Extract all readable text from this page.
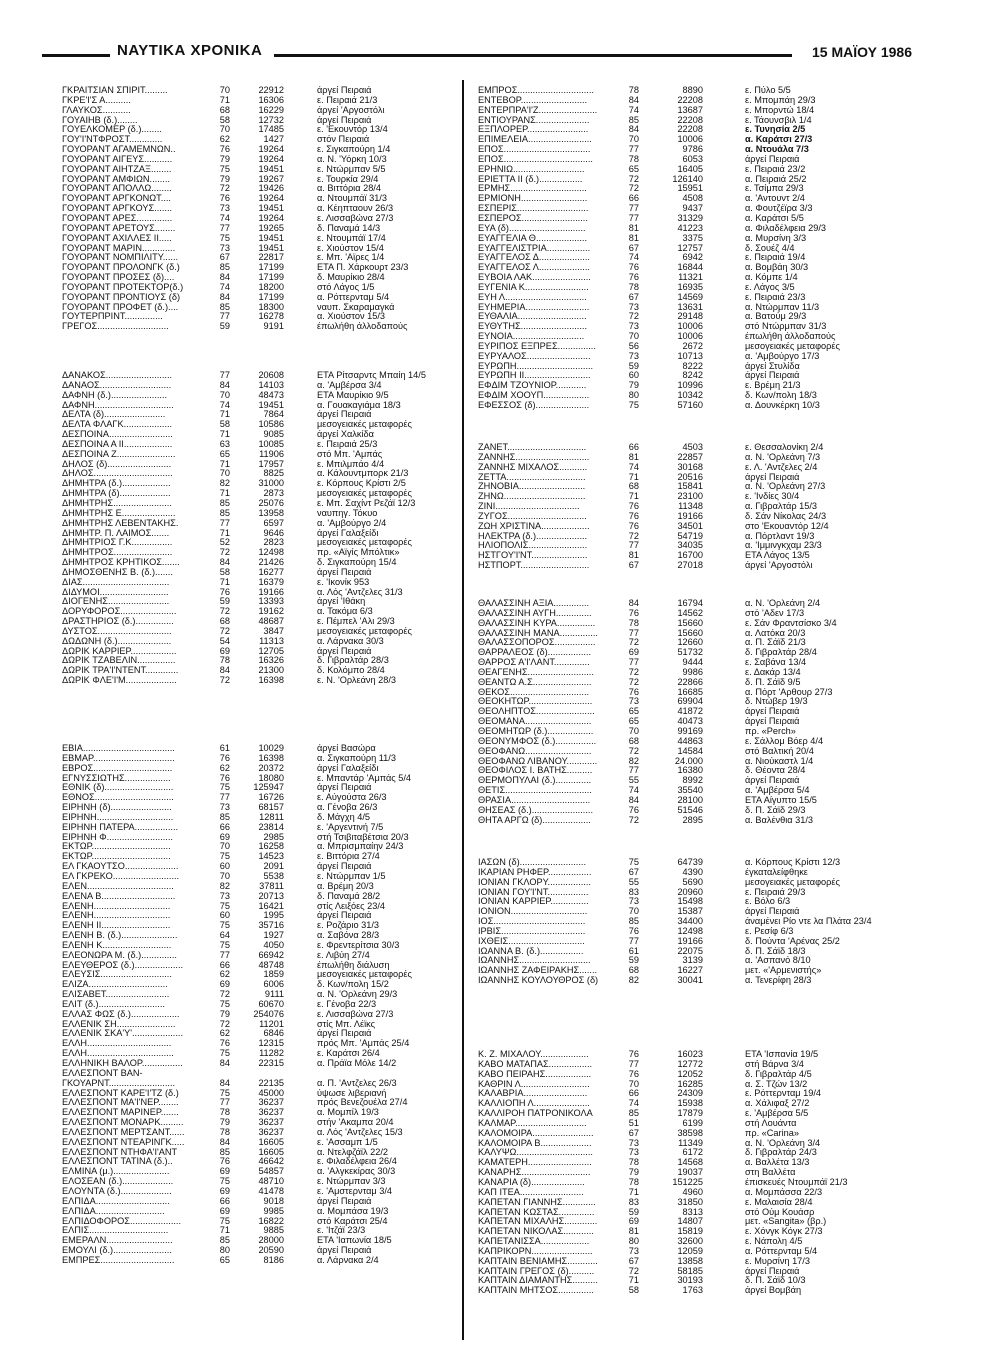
ΝΑΥΤΙΚΑ ΧΡΟΝΙΚΑ	15 ΜΑΪΟΥ 1986
ΓΚΡΑΙΤΣΙΑΝ ΣΠΙΡΙΤ.........	70	22912	άργεί Πειραιά
ΓΚΡΕ'Ι'Σ Α..........	71	16306	ε. Πειραιά 21/3
ΓΛΑΥΚΟΣ...........	68	16229	άργεί 'Αργοστόλι
ΓΟΥΑΙΗΒ (δ.)........	58	12732	άργεί Πειραιά
ΓΟΥΕΛΚΟΜΕΡ (δ.)........	70	17485	ε. 'Εκουντόρ 13/4
ΓΟΥ'Ι'ΝΤΦΡΟΣΤ.............	62	1427	στόν Πειραιά
ΓΟΥΟΡΑΝΤ ΑΓΑΜΕΜΝΩΝ..	76	19264	ε. Σιγκαπούρη 1/4
ΓΟΥΟΡΑΝΤ ΑΙΓΕΥΣ...........	79	19264	α. Ν. 'Υόρκη 10/3
ΓΟΥΟΡΑΝΤ ΑΙΗΤΖΑΞ........	75	19451	ε. Ντώρμπαν 5/5
ΓΟΥΟΡΑΝΤ ΑΜΦΙΩΝ........	79	19267	ε. Τουρκία 29/4
ΓΟΥΟΡΑΝΤ ΑΠΟΛΛΩ........	72	19426	α. Βιττόρια 28/4
ΓΟΥΟΡΑΝΤ ΑΡΓΚΟΝΩΤ....	76	19264	α. Ντουμπάϊ 31/3
ΓΟΥΟΡΑΝΤ ΑΡΓΚΟΥΣ.......	73	19451	α. Κέηπταουν 26/3
ΓΟΥΟΡΑΝΤ ΑΡΕΣ..............	74	19264	ε. Λισσαβώνα 27/3
ΓΟΥΟΡΑΝΤ ΑΡΕΤΟΥΣ........	77	19265	δ. Παναμά 14/3
ΓΟΥΟΡΑΝΤ ΑΧΙΛΛΕΣ ΙΙ.....	75	19451	ε. Ντουμπάϊ 17/4
ΓΟΥΟΡΑΝΤ ΜΑΡΙΝ.............	73	19451	ε. Χιούστον 15/4
ΓΟΥΟΡΑΝΤ ΝΟΜΠΙΛΙΤΥ......	67	22817	ε. Μπ. 'Αϊρες 1/4
ΓΟΥΟΡΑΝΤ ΠΡΟΛΟΝΓΚ (δ.)	85	17199	ΕΤΑ Π. Χάρκουρτ 23/3
ΓΟΥΟΡΑΝΤ ΠΡΟΣΕΣ (δ)....	84	17199	δ. Μαυρίκιο 28/4
ΓΟΥΟΡΑΝΤ ΠΡΟΤΕΚΤΟΡ(δ.)	74	18200	στό Λάγος 1/5
ΓΟΥΟΡΑΝΤ ΠΡΟΝΤΙΟΥΣ (δ)	84	17199	α. Ρόττερνταμ 5/4
ΓΟΥΟΡΑΝΤ ΠΡΟΦΕΤ (δ.)....	85	18300	ναυπ. Σκαραμαγκά
ΓΟΥΤΕΡΠΡΙΝΤ...............	77	16278	α. Χιούστον 15/3
ΓΡΕΓΟΣ............................	59	9191	έπωλήθη άλλοδαπούς
ΔΑΝΑΚΟΣ..........................	77	20608	ΕΤΑ Ρίτσαρντς Μπαίη 14/5
ΔΑΝΑΟΣ............................	84	14103	α. 'Αμβέρσα 3/4
ΔΑΦΝΗ (δ.)......................	70	48473	ΕΤΑ Μαυρίκιο 9/5
ΔΑΦΝΗ...............................	74	19451	α. Γουακαγιάμα 18/3
ΔΕΛΤΑ (δ)........................	71	7864	άργεί Πειραιά
ΔΕΛΤΑ ΦΛΑΓΚ...................	58	10586	μεσογειακές μεταφορές
ΔΕΣΠΟΙΝΑ.........................	71	9085	άργεί Χαλκίδα
ΔΕΣΠΟΙΝΑ Α ΙΙ...................	63	10085	ε. Πειραιά 25/3
ΔΕΣΠΟΙΝΑ Ζ.......................	65	11906	στό Μπ. 'Αμπάς
ΔΗΛΟΣ (δ).........................	71	17957	ε. Μπιλμπάο 4/4
ΔΗΛΟΣ...............................	70	8825	α. Κάλουντμπορκ 21/3
ΔΗΜΗΤΡΑ (δ.)...................	82	31000	ε. Κόρπους Κρίστι 2/5
ΔΗΜΗΤΡΑ (δ)....................	71	2873	μεσογειακές μεταφορές
ΔΗΜΗΤΡΗΣ.......................	85	25076	ε. Μπ. Σαχίντ Ρεζάϊ 12/3
ΔΗΜΗΤΡΗΣ Ε.....................	85	13958	ναυπηγ. Τόκυο
ΔΗΜΗΤΡΗΣ ΛΕΒΕΝΤΑΚΗΣ.	77	6597	α. 'Αμβούργο 2/4
ΔΗΜΗΤΡ. Π. ΛΑΙΜΟΣ.......	71	9646	άργεί Γαλαξείδι
ΔΗΜΗΤΡΙΟΣ Γ.Κ................	52	2823	μεσογειακές μεταφορές
ΔΗΜΗΤΡΟΣ.......................	72	12498	πρ. «Αϊγίς Μπόλτικ»
ΔΗΜΗΤΡΟΣ ΚΡΗΤΙΚΟΣ.......	84	21426	δ. Σιγκαπούρη 15/4
ΔΗΜΟΣΘΕΝΗΣ Β. (δ.).......	58	16277	άργεί Πειραιά
ΔΙΑΣ..................................	71	16379	ε. 'Ικονίκ 953
ΔΙΔΥΜΟΙ...........................	76	19166	α. Λός 'Αντζελες 31/3
ΔΙΟΓΕΝΗΣ........................	59	13393	άργεί 'Ιθάκη
ΔΟΡΥΦΟΡΟΣ......................	72	19162	α. Τακόμα 6/3
ΔΡΑΣΤΗΡΙΟΣ (δ.)...............	68	48687	ε. Πέμπελ 'Αλι 29/3
ΔΥΣΤΟΣ.............................	72	3847	μεσογειακές μεταφορές
ΔΩΔΩΝΗ (δ.).....................	54	11313	α. Λάρνακα 30/3
ΔΩΡΙΚ ΚΑΡΡΙΕΡ..................	69	12705	άργεί Πειραιά
ΔΩΡΙΚ ΤΖΑΒΕΛΙΝ...............	78	16326	δ. Γιβραλτάρ 28/3
ΔΩΡΙΚ ΤΡΑ'Ι'ΝΤΕΝΤ.............	84	21300	δ. Κολόμπο 28/4
ΔΩΡΙΚ ΦΛΕ'Ι'Μ....................	72	16398	ε. Ν. 'Ορλεάνη 28/3
ΕΒΙΑ....................................	61	10029	άργεί Βασώρα
ΕΒΜΑΡ................................	76	16398	α. Σιγκαπούρη 11/3
ΕΒΡΟΣ...............................	62	20372	άργεί Γαλαξείδι
ΕΓΝΥΣΣΙΩΤΗΣ..................	76	18080	ε. Μπαντάρ 'Αμπάς 5/4
ΕΘΝΙΚ (δ)...........................	75	125947	άργεί Πειραιά
ΕΘΝΟΣ...............................	77	16726	ε. Αύγούστα 26/3
ΕΙΡΗΝΗ (δ)........................	73	68157	α. Γένοβα 26/3
ΕΙΡΗΝΗ..............................	85	12811	δ. Μάγχη 4/5
ΕΙΡΗΝΗ ΠΑΤΕΡΑ.................	66	23814	ε. 'Αργεντινή 7/5
ΕΙΡΗΝΗ Φ..........................	69	2985	στή Τσιβιταβέτσια 20/3
ΕΚΤΩΡ...............................	70	16258	α. Μπρισμπαίην 24/3
ΕΚΤΩΡ...............................	75	14523	ε. Βιττόρια 27/4
ΕΛ ΓΚΑΟΥΤΣΟ.....................	60	2091	άργεί Πειραιά
ΕΛ ΓΚΡΕΚΟ..........................	70	5538	ε. Ντώρμπαν 1/5
ΕΛΕΝ..................................	82	37811	α. Βρέμη 20/3
ΕΛΕΝΑ Β.............................	73	20713	δ. Παναμά 28/2
ΕΛΕΝΗ..............................	75	16421	στίς Λειξόες 23/4
ΕΛΕΝΗ..............................	60	1995	άργεί Πειραιά
ΕΛΕΝΗ ΙΙ...........................	75	35716	ε. Ροζάριο 31/3
ΕΛΕΝΗ Β. (δ.)......................	64	1927	α. Σαβόνα 28/3
ΕΛΕΝΗ Κ...........................	75	4050	ε. Φρεντερίτσια 30/3
ΕΛΕΟΝΩΡΑ Μ. (δ.)..............	77	66942	ε. Λιβύη 27/4
ΕΛΕΥΘΕΡΟΣ (δ.)...................	66	48748	έπωλήθη διάλυση
ΕΛΕΥΣΙΣ............................	62	1859	μεσογειακές μεταφορές
ΕΛΙΖΑ...............................	69	6006	δ. Κων/πολη 15/2
ΕΛΙΣΑΒΕΤ.........................	72	9111	α. Ν. 'Ορλεάνη 29/3
ΕΛΙΤ (δ.)..........................	75	60670	ε. Γένοβα 22/3
ΕΛΛΑΣ ΦΩΣ (δ.)...................	79	254076	ε. Λισσαβώνα 27/3
ΕΛΛΕΝΙΚ ΣΗ.......................	72	11201	στίς Μπ. Λέϊκς
ΕΛΛΕΝΙΚ ΣΚΑ'Υ'....................	62	6846	άργεί Πειραιά
ΕΛΛΗ.................................	76	12315	πρός Μπ. 'Αμπάς 25/4
ΕΛΛΗ..................................	75	11282	ε. Καράτσι 26/4
ΕΛΛΗΝΙΚΗ ΒΑΛΟΡ................	84	22315	α. Πράϊα Μόλε 14/2
ΕΛΛΕΣΠΟΝΤ ΒΑΝ-
ΓΚΟΥΑΡΝΤ..........................	84	22135	α. Π. 'Αντζελες 26/3
ΕΛΛΕΣΠΟΝΤ ΚΑΡΕ'Ι'ΤΖ (δ.)	75	45000	ύψωσε λιβεριανή
ΕΛΛΕΣΠΟΝΤ ΜΑ'Ι'ΝΕΡ........	77	36237	πρός Βενεζουέλα 27/4
ΕΛΛΕΣΠΟΝΤ ΜΑΡΙΝΕΡ.......	78	36237	α. Μομπίλ 19/3
ΕΛΛΕΣΠΟΝΤ ΜΟΝΑΡΚ.........	79	36237	στήν 'Ακαμπα 20/4
ΕΛΛΕΣΠΟΝΤ ΜΕΡΤΣΑΝΤ......	78	36237	α. Λός 'Αντζελες 15/3
ΕΛΛΕΣΠΟΝΤ ΝΤΕΑΡΙΝΓΚ.....	84	16605	ε. 'Ασσαμπ 1/5
ΕΛΛΕΣΠΟΝΤ ΝΤΗΦΑ'Ι'ΑΝΤ	85	16605	α. Ντελφζάϊλ 22/2
ΕΛΛΕΣΠΟΝΤ ΤΑΤΙΝΑ (δ.)..	76	46642	ε. Φιλαδέλφεια 26/4
ΕΛΜΙΝΑ (μ.)......................	69	54857	α. 'Αλγκεκίρας 30/3
ΕΛΟΣΕΑΝ (δ.)....................	75	48710	ε. Ντώρμπαν 3/3
ΕΛΟΥΝΤΑ (δ.)....................	69	41478	ε. 'Αμστερνταμ 3/4
ΕΛΠΙΔΑ.............................	66	9018	άργεί Πειραιά
ΕΛΠΙΔΑ...........................	69	9985	α. Μομπάσα 19/3
ΕΛΠΙΔΟΦΟΡΟΣ....................	75	16822	στό Καράτσι 25/4
ΕΛΠΙΣ...............................	71	9885	ε. 'Ιτζάϊ 23/3
ΕΜΕΡΑΛΝ..........................	85	28000	ΕΤΑ 'Ιαπωνία 18/5
ΕΜΟΥΛΙ (δ.).......................	80	20590	άργεί Πειραιά
ΕΜΠΡΕΣ.............................	65	8186	α. Λάρνακα 2/4
ΕΜΠΡΟΣ..............................	78	8890	ε. Πύλο 5/5
ΕΝΤΕΒΟΡ..........................	84	22208	ε. Μπομπάη 29/3
ΕΝΤΕΡΠΡΑ'Ι'Ζ.......................	74	13687	ε. Μπορντώ 18/4
ΕΝΤΙΟΥΡΑΝΣ.....................	85	22208	ε. Τάουνσβιλ 1/4
ΕΞΠΛΟΡΕΡ........................	84	22208	ε. Τυνησία 2/5
ΕΠΙΜΕΛΕΙΑ.........................	70	10006	α. Καράτσι 27/3
ΕΠΟΣ..................................	77	9786	α. Ντουάλα 7/3
ΕΠΟΣ...................................	78	6053	άργεί Πειραιά
ΕΡΗΝΙΩ............................	65	16405	ε. Πειραιά 23/2
ΕΡΙΕΤΤΑ ΙΙ (δ.).................	72	126140	α. Πειραιά 25/2
ΕΡΜΗΣ..............................	72	15951	ε. Τσίμπα 29/3
ΕΡΜΙΟΝΗ..........................	66	4508	α. 'Αντουντ 2/4
ΕΣΠΕΡΙΣ............................	77	9437	α. Φουτζέϊρα 3/3
ΕΣΠΕΡΟΣ..........................	77	31329	α. Καράτσι 5/5
ΕΥΑ (δ)..............................	81	41223	α. Φιλαδέλφεια 29/3
ΕΥΑΓΓΕΛΙΑ Θ....................	81	3375	α. Μυρσίνη 3/3
ΕΥΑΓΓΕΛΙΣΤΡΙΑ.................	67	12757	δ. Σουέζ 4/4
ΕΥΑΓΓΕΛΟΣ Δ....................	74	6942	ε. Πειραιά 19/4
ΕΥΑΓΓΕΛΟΣ Λ....................	76	16844	α. Βομβάη 30/3
ΕΥΒΟΙΑ ΛΑΚ.......................	76	11321	α. Κόμπε 1/4
ΕΥΓΕΝΙΑ Κ.........................	78	16935	ε. Λάγος 3/5
ΕΥΗ Λ................................	67	14569	ε. Πειραιά 23/3
ΕΥΗΜΕΡΙΑ.........................	73	13631	α. Ντώρμπαν 11/3
ΕΥΘΑΛΙΑ...........................	72	29148	α. Βατούμ 29/3
ΕΥΘΥΤΗΣ..........................	73	10006	στό Ντώρμπαν 31/3
ΕΥΝΟΙΑ............................	70	10006	έπωλήθη άλλοδαπούς
ΕΥΡΙΠΟΣ ΕΞΠΡΕΣ...............	56	2672	μεσογειακές μεταφορές
ΕΥΡΥΑΛΟΣ.........................	73	10713	α. 'Αμβούργο 17/3
ΕΥΡΩΠΗ..............................	59	8222	άργεί Στυλίδα
ΕΥΡΩΠΗ ΙΙ..........................	60	8242	άργεί Πειραιά
ΕΦΔΙΜ ΤΖΟΥΝΙΟΡ............	79	10996	ε. Βρέμη 21/3
ΕΦΔΙΜ ΧΟΟΥΠ..................	80	10342	δ. Κων/πολη 18/3
ΕΦΕΣΣΟΣ (δ).....................	75	57160	α. Δουνκέρκη 10/3
ΖΑΝΕΤ...............................	66	4503	ε. Θεσσαλονίκη 2/4
ΖΑΝΝΗΣ.............................	81	22857	α. Ν. 'Ορλεάνη 7/3
ΖΑΝΝΗΣ ΜΙΧΑΛΟΣ...........	74	30168	ε. Λ. 'Αντζελες 2/4
ΖΕΤΤΑ...............................	71	20516	άργεί Πειραιά
ΖΗΝΟΒΙΑ..........................	68	15841	α. Ν. 'Ορλεάνη 27/3
ΖΗΝΩ................................	71	23100	ε. 'Ινδίες 30/4
ΖΙΝΙ.................................	76	11348	α. Γιβραλτάρ 15/3
ΖΥΓΟΣ...............................	76	19166	δ. Σάν Νίκολας 24/3
ΖΩΗ ΧΡΙΣΤΙΝΑ...................	76	34501	στο 'Εκουαντόρ 12/4
ΗΛΕΚΤΡΑ (δ.)....................	72	54719	α. Πόρτλαντ 19/3
ΗΛΙΟΠΟΛΙΣ.......................	77	34035	α. 'Ιμμινγκχαμ 23/3
ΗΣΤΓΟΥ'Ι'ΝΤ......................	81	16700	ΕΤΑ Λάγος 13/5
ΗΣΤΠΟΡΤ...........................	67	27018	άργεί 'Αργοστόλι
ΘΑΛΑΣΣΙΝΗ ΑΞΙΑ..............	84	16794	α. Ν. 'Ορλεάνη 2/4
ΘΑΛΑΣΣΙΝΗ ΑΥΓΗ..............	76	14562	στό 'Αδεν 17/3
ΘΑΛΑΣΣΙΝΗ ΚΥΡΑ...............	78	15660	ε. Σάν Φραντσίσκο 3/4
ΘΑΛΑΣΣΙΝΗ ΜΑΝΑ...............	77	15660	α. Λατόκα 20/3
ΘΑΛΑΣΣΟΠΟΡΟΣ................	72	12660	α. Π. Σάϊδ 21/3
ΘΑΡΡΑΛΕΟΣ (δ).................	69	51732	δ. Γιβραλτάρ 28/4
ΘΑΡΡΟΣ Α'Ι'ΛΑΝΤ..............	77	9444	ε. Σαβάνα 13/4
ΘΕΑΓΕΝΗΣ..........................	72	9986	ε. Δακάρ 13/4
ΘΕΑΝΤΩ Α.Σ.......................	72	22866	δ. Π. Σάϊδ 9/5
ΘΕΚΟΣ...............................	76	16685	α. Πόρτ 'Αρθουρ 27/3
ΘΕΟΚΗΤΩΡ.........................	73	69904	δ. Ντώβερ 19/3
ΘΕΟΛΗΠΤΟΣ.......................	65	41872	άργεί Πειραιά
ΘΕΟΜΑΝΑ..........................	65	40473	άργεί Πειραιά
ΘΕΟΜΗΤΩΡ (δ.)..................	70	99169	πρ. «Perch»
ΘΕΟΝΥΜΦΟΣ (δ.)................	68	44863	ε. Σάλλομ Βόερ 4/4
ΘΕΟΦΑΝΩ..........................	72	14584	στό Βαλτική 20/4
ΘΕΟΦΑΝΩ ΛΙΒΑΝΟΥ............	82	24.000	α. Νιούκαστλ 1/4
ΘΕΟΦΙΛΟΣ Ι. ΒΑΤΗΣ..........	77	16380	δ. Θέοντα 28/4
ΘΕΡΜΟΠΥΛΑΙ (δ.)..............	55	8992	άργεί Πειραιά
ΘΕΤΙΣ..................................	74	35540	α. 'Αμβέρσα 5/4
ΘΡΑΣΙΑ...............................	84	28100	ΕΤΑ Αίγυπτο 15/5
ΘΗΣΕΑΣ (δ.)........................	76	51546	δ. Π. Σάϊδ 29/3
ΘΗΤΑ ΑΡΓΩ (δ)...................	72	2895	α. Βαλένθια 31/3
ΙΑΣΩΝ (δ)..........................	75	64739	α. Κόρπους Κρίστι 12/3
ΙΚΑΡΙΑΝ ΡΗΦΕΡ.................	67	4390	έγκαταλείφθηκε
ΙΟΝΙΑΝ ΓΚΛΟΡΥ.................	55	5690	μεσογειακές μεταφορές
ΙΟΝΙΑΝ ΓΟΥ'Ι'ΝΤ................	83	20960	ε. Πειραιά 29/3
ΙΟΝΙΑΝ ΚΑΡΡΙΕΡ...............	73	15498	ε. Βόλο 6/3
ΙΟΝΙΟΝ..............................	70	15387	άργεί Πειραιά
ΙΟΣ....................................	85	34400	άναμένει Ρίο ντε λα Πλάτα 23/4
ΙΡΒΙΣ.................................	76	12498	ε. Ρεσίφ 6/3
ΙΧΘΕΙΣ..............................	77	19166	δ. Πούντα 'Αρένας 25/2
ΙΩΑΝΝΑ Β. (δ.).................	61	22075	δ. Π. Σάϊδ 18/3
ΙΩΑΝΝΗΣ............................	59	3139	α. 'Ασπανό 8/10
ΙΩΑΝΝΗΣ ΖΑΦΕΙΡΑΚΗΣ.......	68	16227	μετ. «'Αρμενιστής»
ΙΩΑΝΝΗΣ ΚΟΥΛΟΥΘΡΟΣ (δ)	82	30041	α. Τενερίφη 28/3
Κ. Ζ. ΜΙΧΑΛΟΥ...................	76	16023	ΕΤΑ 'Ισπανία 19/5
ΚΑΒΟ ΜΑΤΑΠΑΣ.................	77	12772	στή Βάρνα 3/4
ΚΑΒΟ ΠΕΙΡΑΗΣ..................	76	12052	δ. Γιβραλτάρ 4/5
ΚΑΘΡΙΝ Λ...........................	70	16285	α. Σ. Τζών 13/2
ΚΑΛΑΒΡΙΑ.........................	66	24309	ε. Ρόττερνταμ 19/4
ΚΑΛΛΙΟΠΗ Λ......................	74	15938	α. Χάλιφαξ 27/2
ΚΑΛΛΙΡΟΗ ΠΑΤΡΟΝΙΚΟΛΑ	85	17879	ε. 'Αμβέρσα 5/5
ΚΑΛΜΑΡ............................	51	6199	στή Λουάντα
ΚΑΛΟΜΟΙΡΑ........................	67	38598	πρ. «Carina»
ΚΑΛΟΜΟΙΡΑ Β....................	73	11349	α. Ν. 'Ορλεάνη 3/4
ΚΑΛΥΨΩ..............................	73	6172	δ. Γιβραλτάρ 24/3
ΚΑΜΑΤΕΡΗ.........................	78	14568	α. Βαλλέτα 13/3
ΚΑΝΑΡΗΣ...........................	79	19037	στη Βαλλέτα
ΚΑΝΑΡΙΑ (δ).....................	78	151225	έπισκευές Ντουμπάϊ 21/3
ΚΑΠ ΙΤΕΑ.........................	71	4960	α. Μομπάσσα 22/3
ΚΑΠΕΤΑΝ ΓΙΑΝΝΗΣ.............	83	31850	ε. Μαλαισία 28/4
ΚΑΠΕΤΑΝ ΚΩΣΤΑΣ..............	59	8313	στό Ούμ Κουάσρ
ΚΑΠΕΤΑΝ ΜΙΧΑΛΗΣ.............	69	14807	μετ. «Sangita» (βρ.)
ΚΑΠΕΤΑΝ ΝΙΚΟΛΑΣ............	81	15819	ε. Χόνγκ Κόγκ 27/3
ΚΑΠΕΤΑΝΙΣΣΑ...................	80	32600	ε. Νάπολη 4/5
ΚΑΠΡΙΚΟΡΝ........................	73	12059	α. Ρόττερνταμ 5/4
ΚΑΠΤΑΙΝ ΒΕΝΙΑΜΗΣ............	67	13858	ε. Μυρσίνη 17/3
ΚΑΠΤΑΙΝ ΓΡΕΓΟΣ (δ)..........	72	58185	άργεί Πειραιά
ΚΑΠΤΑΙΝ ΔΙΑΜΑΝΤΗΣ..........	71	30193	δ. Π. Σάϊδ 10/3
ΚΑΠΤΑΙΝ ΜΗΤΣΟΣ..............	58	1763	άργεί Βομβάη
